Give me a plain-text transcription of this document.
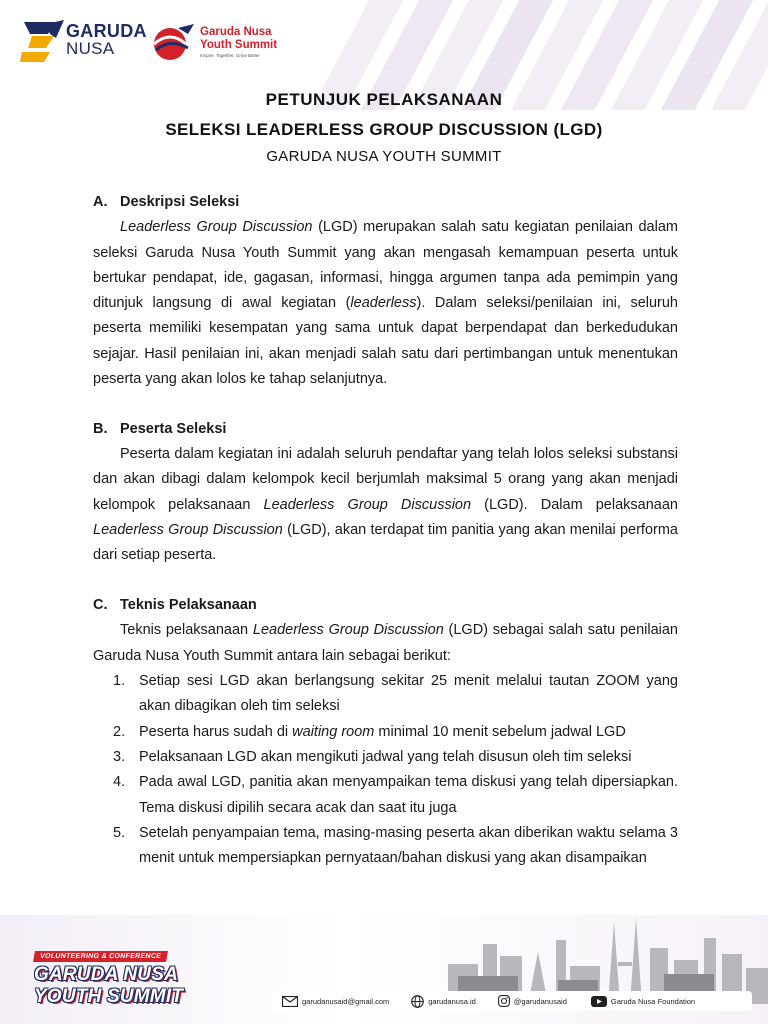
GARUDA
NUSA
Garuda Nusa
Youth Summit
Inspire, Together, Grow Better
PETUNJUK PELAKSANAAN
SELEKSI LEADERLESS GROUP DISCUSSION (LGD)
GARUDA NUSA YOUTH SUMMIT
A. Deskripsi Seleksi

Leaderless Group Discussion (LGD) merupakan salah satu kegiatan penilaian dalam seleksi Garuda Nusa Youth Summit yang akan mengasah kemampuan peserta untuk bertukar pendapat, ide, gagasan, informasi, hingga argumen tanpa ada pemimpin yang ditunjuk langsung di awal kegiatan (leaderless). Dalam seleksi/penilaian ini, seluruh peserta memiliki kesempatan yang sama untuk dapat berpendapat dan berkedudukan sejajar. Hasil penilaian ini, akan menjadi salah satu dari pertimbangan untuk menentukan peserta yang akan lolos ke tahap selanjutnya.

B. Peserta Seleksi

Peserta dalam kegiatan ini adalah seluruh pendaftar yang telah lolos seleksi substansi dan akan dibagi dalam kelompok kecil berjumlah maksimal 5 orang yang akan menjadi kelompok pelaksanaan Leaderless Group Discussion (LGD). Dalam pelaksanaan Leaderless Group Discussion (LGD), akan terdapat tim panitia yang akan menilai performa dari setiap peserta.

C. Teknis Pelaksanaan

Teknis pelaksanaan Leaderless Group Discussion (LGD) sebagai salah satu penilaian Garuda Nusa Youth Summit antara lain sebagai berikut:

1. Setiap sesi LGD akan berlangsung sekitar 25 menit melalui tautan ZOOM yang akan dibagikan oleh tim seleksi
2. Peserta harus sudah di waiting room minimal 10 menit sebelum jadwal LGD
3. Pelaksanaan LGD akan mengikuti jadwal yang telah disusun oleh tim seleksi
4. Pada awal LGD, panitia akan menyampaikan tema diskusi yang telah dipersiapkan. Tema diskusi dipilih secara acak dan saat itu juga
5. Setelah penyampaian tema, masing-masing peserta akan diberikan waktu selama 3 menit untuk mempersiapkan pernyataan/bahan diskusi yang akan disampaikan
VOLUNTEERING & CONFERENCE
GARUDA NUSA
YOUTH SUMMIT	garudanusaid@gmail.com	garudanusa.id	@garudanusaid	Garuda Nusa Foundation
